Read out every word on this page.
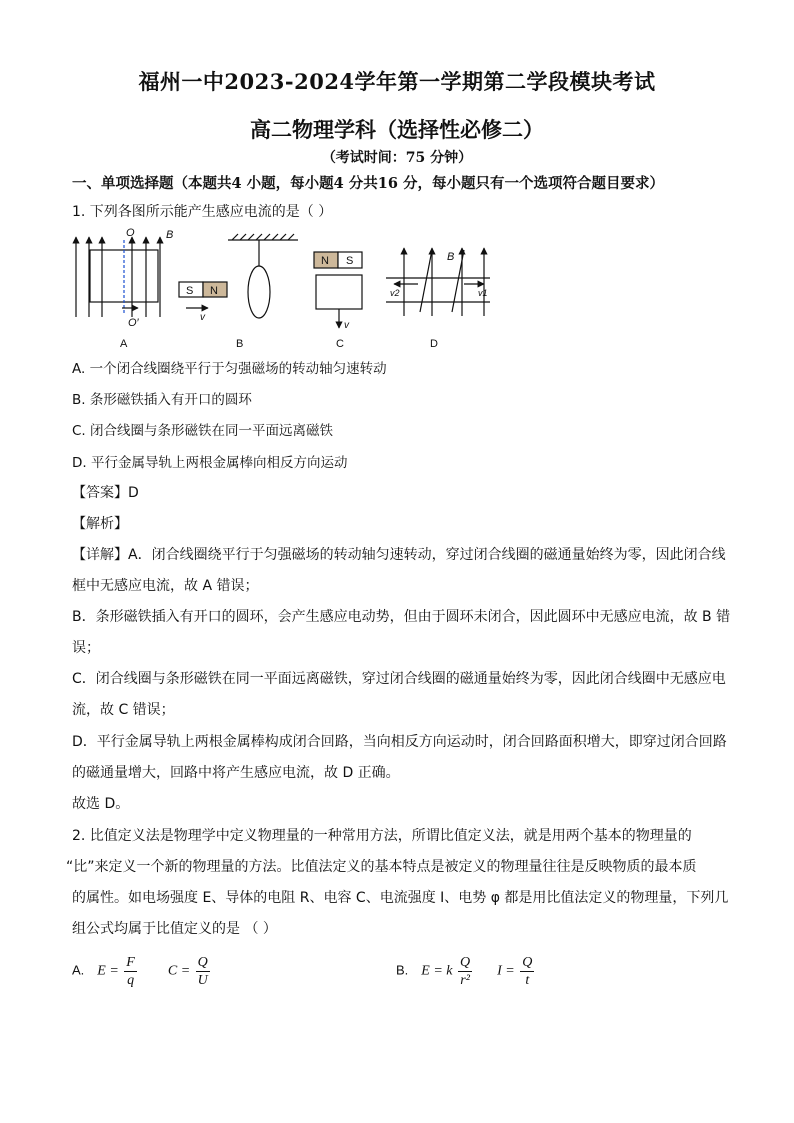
福州一中2023-2024学年第一学期第二学段模块考试
高二物理学科（选择性必修二）
（考试时间：75 分钟）
一、单项选择题（本题共4 小题，每小题4 分共16 分，每小题只有一个选项符合题目要求）
1. 下列各图所示能产生感应电流的是（ ）
O	B
O′
S N
v
N S
v
B
v2	v1
A	B	C	D
A. 一个闭合线圈绕平行于匀强磁场的转动轴匀速转动
B. 条形磁铁插入有开口的圆环
C. 闭合线圈与条形磁铁在同一平面远离磁铁
D. 平行金属导轨上两根金属棒向相反方向运动
【答案】D
【解析】
【详解】A．闭合线圈绕平行于匀强磁场的转动轴匀速转动，穿过闭合线圈的磁通量始终为零，因此闭合线
框中无感应电流，故 A 错误；
B．条形磁铁插入有开口的圆环，会产生感应电动势，但由于圆环未闭合，因此圆环中无感应电流，故 B 错
误；
C．闭合线圈与条形磁铁在同一平面远离磁铁，穿过闭合线圈的磁通量始终为零，因此闭合线圈中无感应电
流，故 C 错误；
D．平行金属导轨上两根金属棒构成闭合回路，当向相反方向运动时，闭合回路面积增大，即穿过闭合回路
的磁通量增大，回路中将产生感应电流，故 D 正确。
故选 D。
2. 比值定义法是物理学中定义物理量的一种常用方法，所谓比值定义法，就是用两个基本的物理量的
“比”来定义一个新的物理量的方法。比值法定义的基本特点是被定义的物理量往往是反映物质的最本质
的属性。如电场强度 E、导体的电阻 R、电容 C、电流强度 I、电势 φ 都是用比值法定义的物理量，下列几
组公式均属于比值定义的是 （ ）
A. $E = \frac{F}{q}$ $C = \frac{Q}{U}$	B. E = k $\frac{Q}{\text{r²}}$ $I = \frac{Q}{t}$
